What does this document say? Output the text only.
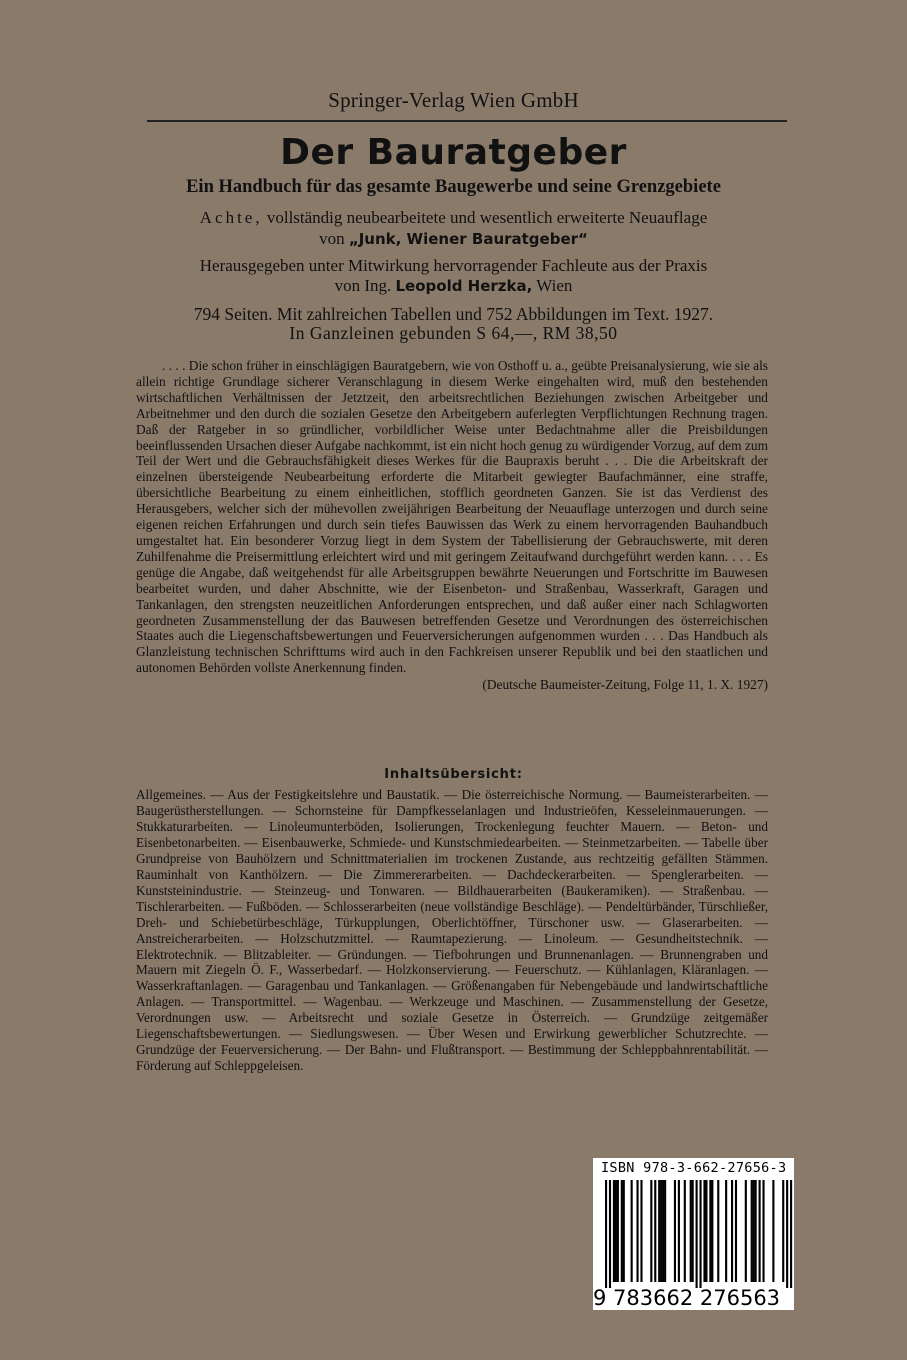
Springer-Verlag Wien GmbH
Der Bauratgeber
Ein Handbuch für das gesamte Baugewerbe und seine Grenzgebiete
Achte, vollständig neubearbeitete und wesentlich erweiterte Neuauflage
von „Junk, Wiener Bauratgeber“
Herausgegeben unter Mitwirkung hervorragender Fachleute aus der Praxis
von Ing. Leopold Herzka, Wien
794 Seiten. Mit zahlreichen Tabellen und 752 Abbildungen im Text. 1927.
In Ganzleinen gebunden S 64,—, RM 38,50

. . . . Die schon früher in einschlägigen Bauratgebern, wie von Osthoff u. a., geübte Preisanalysierung, wie sie als allein richtige Grundlage sicherer Veranschlagung in diesem Werke eingehalten wird, muß den bestehenden wirtschaftlichen Verhältnissen der Jetztzeit, den arbeitsrechtlichen Beziehungen zwischen Arbeitgeber und Arbeitnehmer und den durch die sozialen Gesetze den Arbeitgebern auferlegten Verpflichtungen Rechnung tragen. Daß der Ratgeber in so gründlicher, vorbildlicher Weise unter Bedachtnahme aller die Preisbildungen beeinflussenden Ursachen dieser Aufgabe nachkommt, ist ein nicht hoch genug zu würdigender Vorzug, auf dem zum Teil der Wert und die Gebrauchsfähigkeit dieses Werkes für die Baupraxis beruht . . . Die die Arbeitskraft der einzelnen übersteigende Neubearbeitung erforderte die Mitarbeit gewiegter Baufachmänner, eine straffe, übersichtliche Bearbeitung zu einem einheitlichen, stofflich geordneten Ganzen. Sie ist das Verdienst des Herausgebers, welcher sich der mühevollen zweijährigen Bearbeitung der Neuauflage unterzogen und durch seine eigenen reichen Erfahrungen und durch sein tiefes Bauwissen das Werk zu einem hervorragenden Bauhandbuch umgestaltet hat. Ein besonderer Vorzug liegt in dem System der Tabellisierung der Gebrauchswerte, mit deren Zuhilfenahme die Preisermittlung erleichtert wird und mit geringem Zeitaufwand durchgeführt werden kann. . . . Es genüge die Angabe, daß weitgehendst für alle Arbeitsgruppen bewährte Neuerungen und Fortschritte im Bauwesen bearbeitet wurden, und daher Abschnitte, wie der Eisenbeton- und Straßenbau, Wasserkraft, Garagen und Tankanlagen, den strengsten neuzeitlichen Anforderungen entsprechen, und daß außer einer nach Schlagworten geordneten Zusammenstellung der das Bauwesen betreffenden Gesetze und Verordnungen des österreichischen Staates auch die Liegenschaftsbewertungen und Feuerversicherungen aufgenommen wurden . . . Das Handbuch als Glanzleistung technischen Schrifttums wird auch in den Fachkreisen unserer Republik und bei den staatlichen und autonomen Behörden vollste Anerkennung finden.

(Deutsche Baumeister-Zeitung, Folge 11, 1. X. 1927)
Inhaltsübersicht:

Allgemeines. — Aus der Festigkeitslehre und Baustatik. — Die österreichische Normung. — Baumeisterarbeiten. — Baugerüstherstellungen. — Schornsteine für Dampfkesselanlagen und Industrieöfen, Kesseleinmauerungen. — Stukkaturarbeiten. — Linoleumunterböden, Isolierungen, Trockenlegung feuchter Mauern. — Beton- und Eisenbetonarbeiten. — Eisenbauwerke, Schmiede- und Kunstschmiedearbeiten. — Steinmetzarbeiten. — Tabelle über Grundpreise von Bauhölzern und Schnittmaterialien im trockenen Zustande, aus rechtzeitig gefällten Stämmen. Rauminhalt von Kanthölzern. — Die Zimmererarbeiten. — Dachdeckerarbeiten. — Spenglerarbeiten. — Kunststeinindustrie. — Steinzeug- und Tonwaren. — Bildhauerarbeiten (Baukeramiken). — Straßenbau. — Tischlerarbeiten. — Fußböden. — Schlosserarbeiten (neue vollständige Beschläge). — Pendeltürbänder, Türschließer, Dreh- und Schiebetürbeschläge, Türkupplungen, Oberlichtöffner, Türschoner usw. — Glaserarbeiten. — Anstreicherarbeiten. — Holzschutzmittel. — Raumtapezierung. — Linoleum. — Gesundheitstechnik. — Elektrotechnik. — Blitzableiter. — Gründungen. — Tiefbohrungen und Brunnenanlagen. — Brunnengraben und Mauern mit Ziegeln Ö. F., Wasserbedarf. — Holzkonservierung. — Feuerschutz. — Kühlanlagen, Kläranlagen. — Wasserkraftanlagen. — Garagenbau und Tankanlagen. — Größenangaben für Nebengebäude und landwirtschaftliche Anlagen. — Transportmittel. — Wagenbau. — Werkzeuge und Maschinen. — Zusammenstellung der Gesetze, Verordnungen usw. — Arbeitsrecht und soziale Gesetze in Österreich. — Grundzüge zeitgemäßer Liegenschaftsbewertungen. — Siedlungswesen. — Über Wesen und Erwirkung gewerblicher Schutzrechte. — Grundzüge der Feuerversicherung. — Der Bahn- und Flußtransport. — Bestimmung der Schleppbahnrentabilität. — Förderung auf Schleppgeleisen.

ISBN 978-3-662-27656-3
9 783662 276563
